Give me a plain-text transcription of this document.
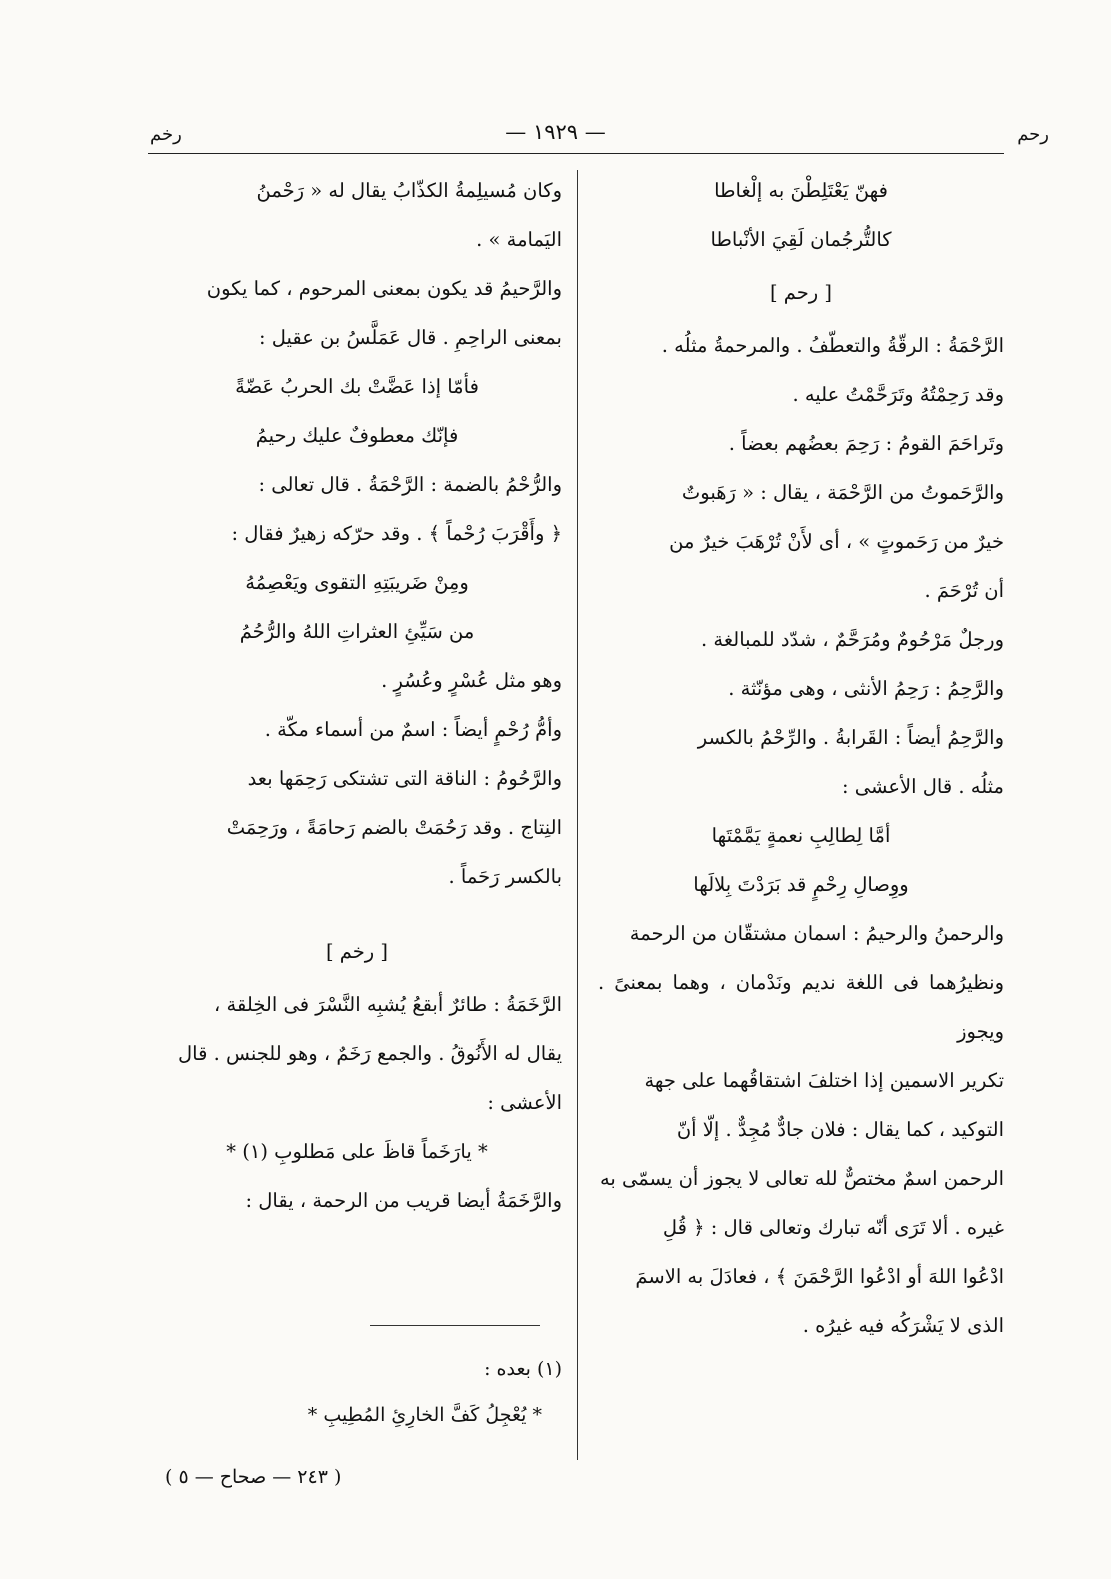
رحم
— ١٩٢٩ —
رخم

فهنّ يَعْتَلِطْنَ به إلْغاطا

كالتُّرجُمان لَقِيَ الأنْباطا

[ رحم ]

الرَّحْمَةُ : الرقّةُ والتعطّفُ . والمرحمةُ مثلُه .

وقد رَحِمْتُهُ وتَرَحَّمْتُ عليه .

وتَراحَمَ القومُ : رَحِمَ بعضُهم بعضاً .

والرَّحَموتُ من الرَّحْمَة ، يقال : « رَهَبوتٌ

خيرٌ من رَحَموتٍ » ، أى لأَنْ تُرْهَبَ خيرٌ من

أن تُرْحَمَ .

ورجلٌ مَرْحُومٌ ومُرَحَّمٌ ، شدّد للمبالغة .

والرَّحِمُ : رَحِمُ الأنثى ، وهى مؤنّثة .

والرَّحِمُ أيضاً : القَرابةُ . والرِّحْمُ بالكسر

مثلُه . قال الأعشى :

أمَّا لِطالِبِ نعمةٍ يَمَّمْتَها

ووِصالِ رِحْمٍ قد بَرَدْتَ بِلالَها

والرحمنُ والرحيمُ : اسمان مشتقّان من الرحمة

ونظيرُهما فى اللغة نديم ونَدْمان ، وهما بمعنىً . ويجوز

تكرير الاسمين إذا اختلفَ اشتقاقُهما على جهة

التوكيد ، كما يقال : فلان جادٌّ مُجِدٌّ . إلّا أنّ

الرحمن اسمٌ مختصٌّ لله تعالى لا يجوز أن يسمّى به

غيره . ألا تَرَى أنّه تبارك وتعالى قال : ﴿ قُلِ

ادْعُوا اللهَ أو ادْعُوا الرَّحْمَنَ ﴾ ، فعادَلَ به الاسمَ

الذى لا يَشْرَكُه فيه غيرُه .

وكان مُسيلِمةُ الكذّابُ يقال له « رَحْمنُ

اليَمامة » .

والرَّحيمُ قد يكون بمعنى المرحوم ، كما يكون

بمعنى الراحِمِ . قال عَمَلَّسُ بن عقيل :

فأمّا إذا عَضَّتْ بك الحربُ عَضّةً

فإنّك معطوفٌ عليك رحيمُ

والرُّحْمُ بالضمة : الرَّحْمَةُ . قال تعالى :

﴿ وأَقْرَبَ رُحْماً ﴾ . وقد حرّكه زهيرٌ فقال :

ومِنْ ضَريبَتِهِ التقوى ويَعْصِمُهُ

من سَيِّئِ العثراتِ اللهُ والرُّحُمُ

وهو مثل عُسْرٍ وعُسُرٍ .

وأمُّ رُحْمٍ أيضاً : اسمٌ من أسماء مكّة .

والرَّحُومُ : الناقة التى تشتكى رَحِمَها بعد

النِتاج . وقد رَحُمَتْ بالضم رَحامَةً ، ورَحِمَتْ

بالكسر رَحَماً .

[ رخم ]

الرَّخَمَةُ : طائرٌ أبقعُ يُشبِه النَّسْرَ فى الخِلقة ،

يقال له الأَنُوقُ . والجمع رَخَمٌ ، وهو للجنس . قال

الأعشى :

* يارَخَماً قاظَ على مَطلوبِ (١) *

والرَّخَمَةُ أيضا قريب من الرحمة ، يقال :

(١) بعده :

* يُعْجِلُ كَفَّ الخارِئِ المُطِيبِ *

( ٢٤٣ — صحاح — ٥ )
